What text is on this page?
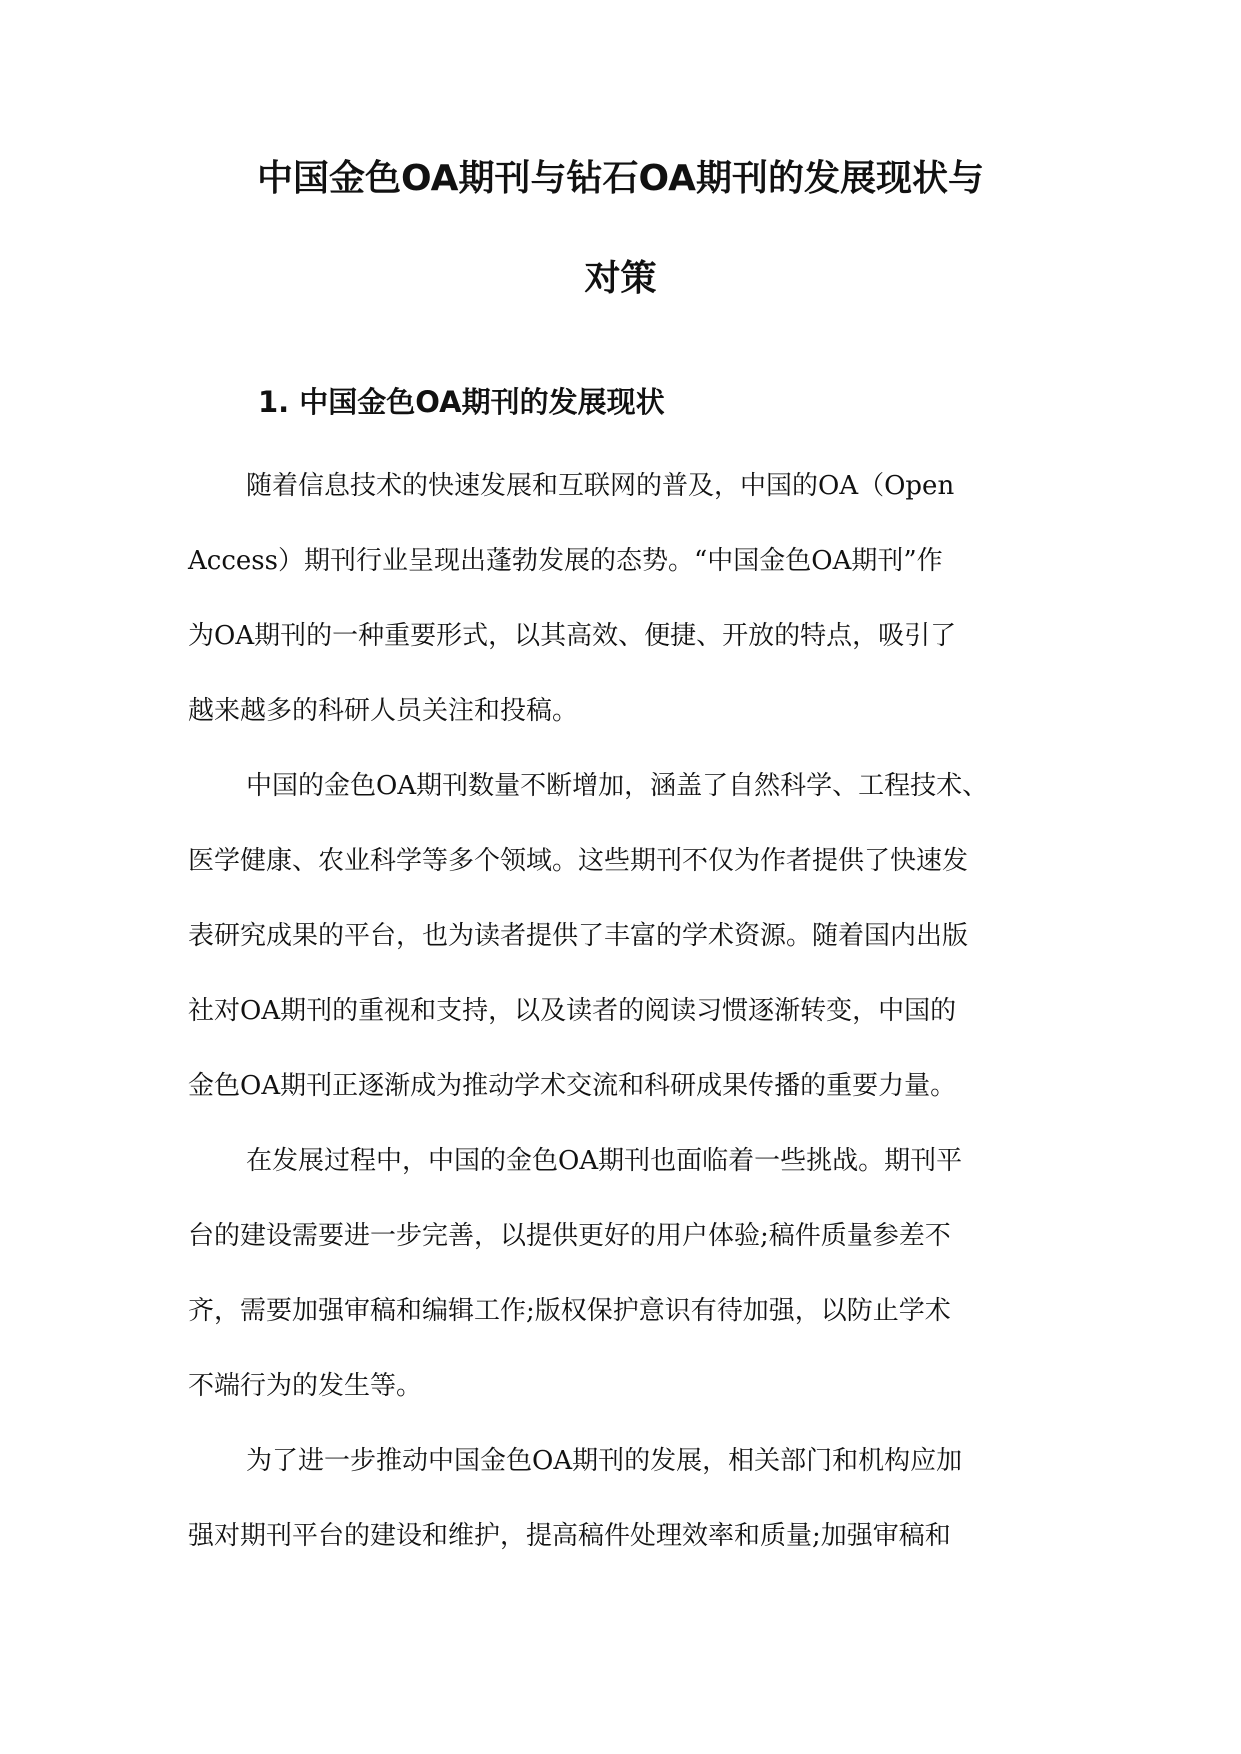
中国金色OA期刊与钻石OA期刊的发展现状与
对策
1. 中国金色OA期刊的发展现状

随着信息技术的快速发展和互联网的普及，中国的OA（Open

Access）期刊行业呈现出蓬勃发展的态势。“中国金色OA期刊”作

为OA期刊的一种重要形式，以其高效、便捷、开放的特点，吸引了

越来越多的科研人员关注和投稿。

中国的金色OA期刊数量不断增加，涵盖了自然科学、工程技术、

医学健康、农业科学等多个领域。这些期刊不仅为作者提供了快速发

表研究成果的平台，也为读者提供了丰富的学术资源。随着国内出版

社对OA期刊的重视和支持，以及读者的阅读习惯逐渐转变，中国的

金色OA期刊正逐渐成为推动学术交流和科研成果传播的重要力量。

在发展过程中，中国的金色OA期刊也面临着一些挑战。期刊平

台的建设需要进一步完善，以提供更好的用户体验;稿件质量参差不

齐，需要加强审稿和编辑工作;版权保护意识有待加强，以防止学术

不端行为的发生等。

为了进一步推动中国金色OA期刊的发展，相关部门和机构应加

强对期刊平台的建设和维护，提高稿件处理效率和质量;加强审稿和
